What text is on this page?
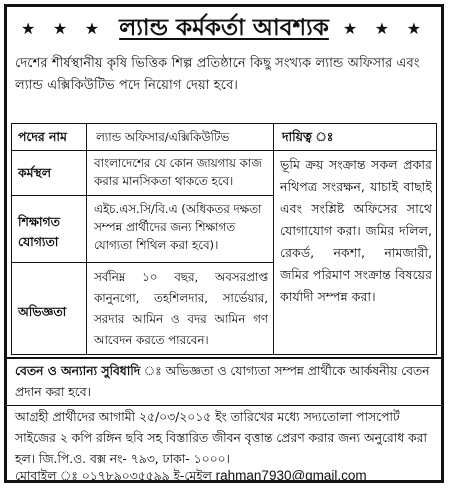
★ ★ ★ ল্যান্ড কর্মকর্তা আবশ্যক ★ ★ ★
দেশের শীর্ষস্থানীয় কৃষি ভিত্তিক শিল্প প্রতিষ্ঠানে কিছু সংখ্যক ল্যান্ড অফিসার এবং ল্যান্ড এক্সিকিউটিভ পদে নিয়োগ দেয়া হবে।
পদের নাম	ল্যান্ড অফিসার/এক্সিকিউটিভ	দায়িত্ব ঃ
ভূমি ক্রয় সংক্রান্ত সকল প্রকার নথিপত্র সংরক্ষন, যাচাই বাছাই এবং সংশ্লিষ্ট অফিসের সাথে যোগাযোগ করা। জমির দলিল, রেকর্ড, নকশা, নামজারী, জমির পরিমাণ সংক্রান্ত বিষয়ের কার্যাদী সম্পন্ন করা।
কর্মস্থল
বাংলাদেশের যে কোন জায়গায় কাজ করার মানসিকতা থাকতে হবে।
শিক্ষাগত যোগ্যতা
এইচ.এস.সি/বি.এ (অধিকতর দক্ষতা সম্পন্ন প্রার্থীদের জন্য শিক্ষাগত যোগ্যতা শিথিল করা হবে)।
অভিজ্ঞতা
সর্বনিম্ন ১০ বছর, অবসরপ্রাপ্ত কানুনগো, তহশিলদার, সার্ভেয়ার, সরদার আমিন ও বদর আমিন গণ আবেদন করতে পারবেন।
বেতন ও অন্যান্য সুবিধাদি ঃ অভিজ্ঞতা ও যোগ্যতা সম্পন্ন প্রার্থীকে আর্কষনীয় বেতন প্রদান করা হবে।
আগ্রহী প্রার্থীদের আগামী ২৫/০৩/২০১৫ ইং তারিখের মধ্যে সদ্যতোলা পাসপোর্ট সাইজের ২ কপি রঙ্গিন ছবি সহ বিস্তারিত জীবন বৃত্তান্ত প্রেরণ করার জন্য অনুরোধ করা হল। জি.পি.ও. বক্স নং- ৭৯৩, ঢাকা- ১০০০।
মোবাইল ঃ ০১৭৮৯০৩৫৫৯৯ ই-মেইল rahman7930@gmail.com
